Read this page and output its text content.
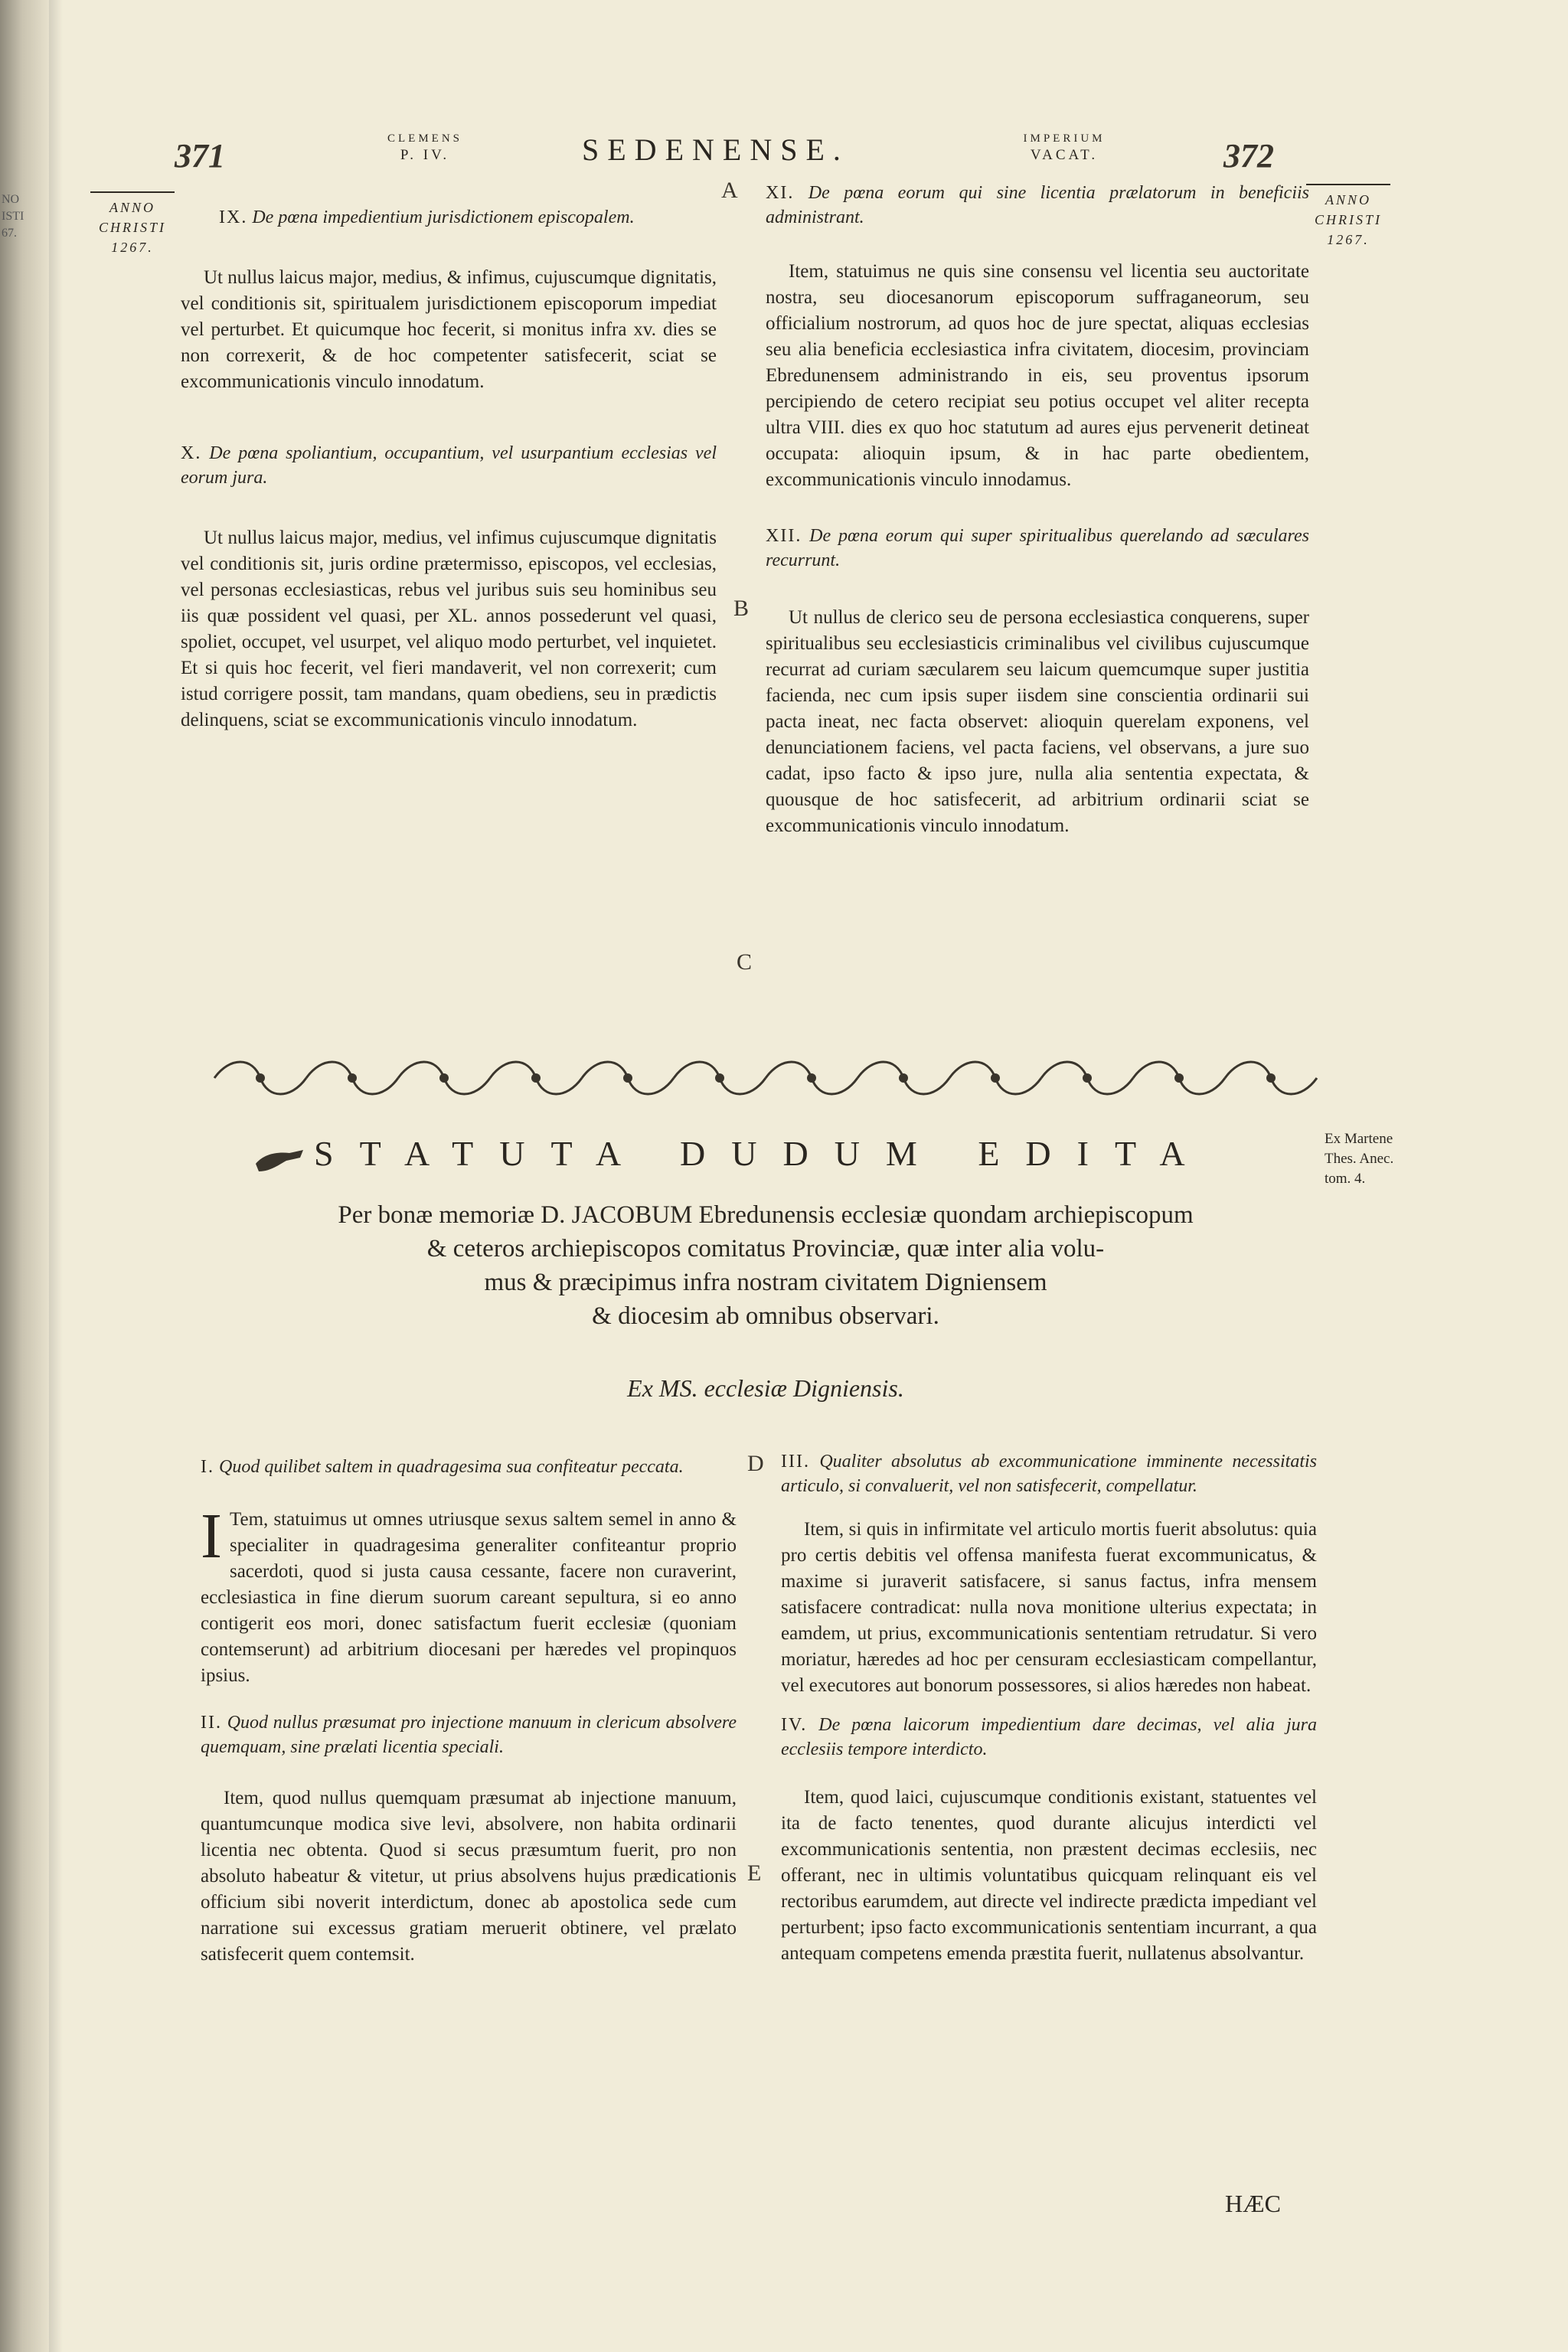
NO
ISTI
67.
371	CLEMENS
P. IV.	SEDENENSE.	IMPERIUM
VACAT.	372
ANNO
CHRISTI
1267.
ANNO
CHRISTI
1267.
A
B
C
D
E
IX. De pœna impedientium jurisdictionem episcopalem.

Ut nullus laicus major, medius, & infimus, cujuscumque dignitatis, vel conditionis sit, spiritualem jurisdictionem episcoporum impediat vel perturbet. Et quicumque hoc fecerit, si monitus infra xv. dies se non correxerit, & de hoc competenter satisfecerit, sciat se excommunicationis vinculo innodatum.

X. De pœna spoliantium, occupantium, vel usurpantium ecclesias vel eorum jura.

Ut nullus laicus major, medius, vel infimus cujuscumque dignitatis vel conditionis sit, juris ordine prætermisso, episcopos, vel ecclesias, vel personas ecclesiasticas, rebus vel juribus suis seu hominibus seu iis quæ possident vel quasi, per XL. annos possederunt vel quasi, spoliet, occupet, vel usurpet, vel aliquo modo perturbet, vel inquietet. Et si quis hoc fecerit, vel fieri mandaverit, vel non correxerit; cum istud corrigere possit, tam mandans, quam obediens, seu in prædictis delinquens, sciat se excommunicationis vinculo innodatum.

XI. De pœna eorum qui sine licentia prælatorum in beneficiis administrant.

Item, statuimus ne quis sine consensu vel licentia seu auctoritate nostra, seu diocesanorum episcoporum suffraganeorum, seu officialium nostrorum, ad quos hoc de jure spectat, aliquas ecclesias seu alia beneficia ecclesiastica infra civitatem, diocesim, provinciam Ebredunensem administrando in eis, seu proventus ipsorum percipiendo de cetero recipiat seu potius occupet vel aliter recepta ultra VIII. dies ex quo hoc statutum ad aures ejus pervenerit detineat occupata: alioquin ipsum, & in hac parte obedientem, excommunicationis vinculo innodamus.

XII. De pœna eorum qui super spiritualibus querelando ad sæculares recurrunt.

Ut nullus de clerico seu de persona ecclesiastica conquerens, super spiritualibus seu ecclesiasticis criminalibus vel civilibus cujuscumque recurrat ad curiam sæcularem seu laicum quemcumque super justitia facienda, nec cum ipsis super iisdem sine conscientia ordinarii sui pacta ineat, nec facta observet: alioquin querelam exponens, vel denunciationem faciens, vel pacta faciens, vel observans, a jure suo cadat, ipso facto & ipso jure, nulla alia sententia expectata, & quousque de hoc satisfecerit, ad arbitrium ordinarii sciat se excommunicationis vinculo innodatum.

STATUTA DUDUM EDITA	Ex Martene
Thes. Anec.
tom. 4.
Per bonæ memoriæ D. JACOBUM Ebredunensis ecclesiæ quondam archiepiscopum
& ceteros archiepiscopos comitatus Provinciæ, quæ inter alia volu-
mus & præcipimus infra nostram civitatem Digniensem
& diocesim ab omnibus observari.
Ex MS. ecclesiæ Digniensis.
I. Quod quilibet saltem in quadragesima sua confiteatur peccata.

I Tem, statuimus ut omnes utriusque sexus saltem semel in anno & specialiter in quadragesima generaliter confiteantur proprio sacerdoti, quod si justa causa cessante, facere non curaverint, ecclesiastica in fine dierum suorum careant sepultura, si eo anno contigerit eos mori, donec satisfactum fuerit ecclesiæ (quoniam contemserunt) ad arbitrium diocesani per hæredes vel propinquos ipsius.

II. Quod nullus præsumat pro injectione manuum in clericum absolvere quemquam, sine prælati licentia speciali.

Item, quod nullus quemquam præsumat ab injectione manuum, quantumcunque modica sive levi, absolvere, non habita ordinarii licentia nec obtenta. Quod si secus præsumtum fuerit, pro non absoluto habeatur & vitetur, ut prius absolvens hujus prædicationis officium sibi noverit interdictum, donec ab apostolica sede cum narratione sui excessus gratiam meruerit obtinere, vel prælato satisfecerit quem contemsit.

III. Qualiter absolutus ab excommunicatione imminente necessitatis articulo, si convaluerit, vel non satisfecerit, compellatur.

Item, si quis in infirmitate vel articulo mortis fuerit absolutus: quia pro certis debitis vel offensa manifesta fuerat excommunicatus, & maxime si juraverit satisfacere, si sanus factus, infra mensem satisfacere contradicat: nulla nova monitione ulterius expectata; in eamdem, ut prius, excommunicationis sententiam retrudatur. Si vero moriatur, hæredes ad hoc per censuram ecclesiasticam compellantur, vel executores aut bonorum possessores, si alios hæredes non habeat.

IV. De pœna laicorum impedientium dare decimas, vel alia jura ecclesiis tempore interdicto.

Item, quod laici, cujuscumque conditionis existant, statuentes vel ita de facto tenentes, quod durante alicujus interdicti vel excommunicationis sententia, non præstent decimas ecclesiis, nec offerant, nec in ultimis voluntatibus quicquam relinquant eis vel rectoribus earumdem, aut directe vel indirecte prædicta impediant vel perturbent; ipso facto excommunicationis sententiam incurrant, a qua antequam competens emenda præstita fuerit, nullatenus absolvantur.

HÆC
